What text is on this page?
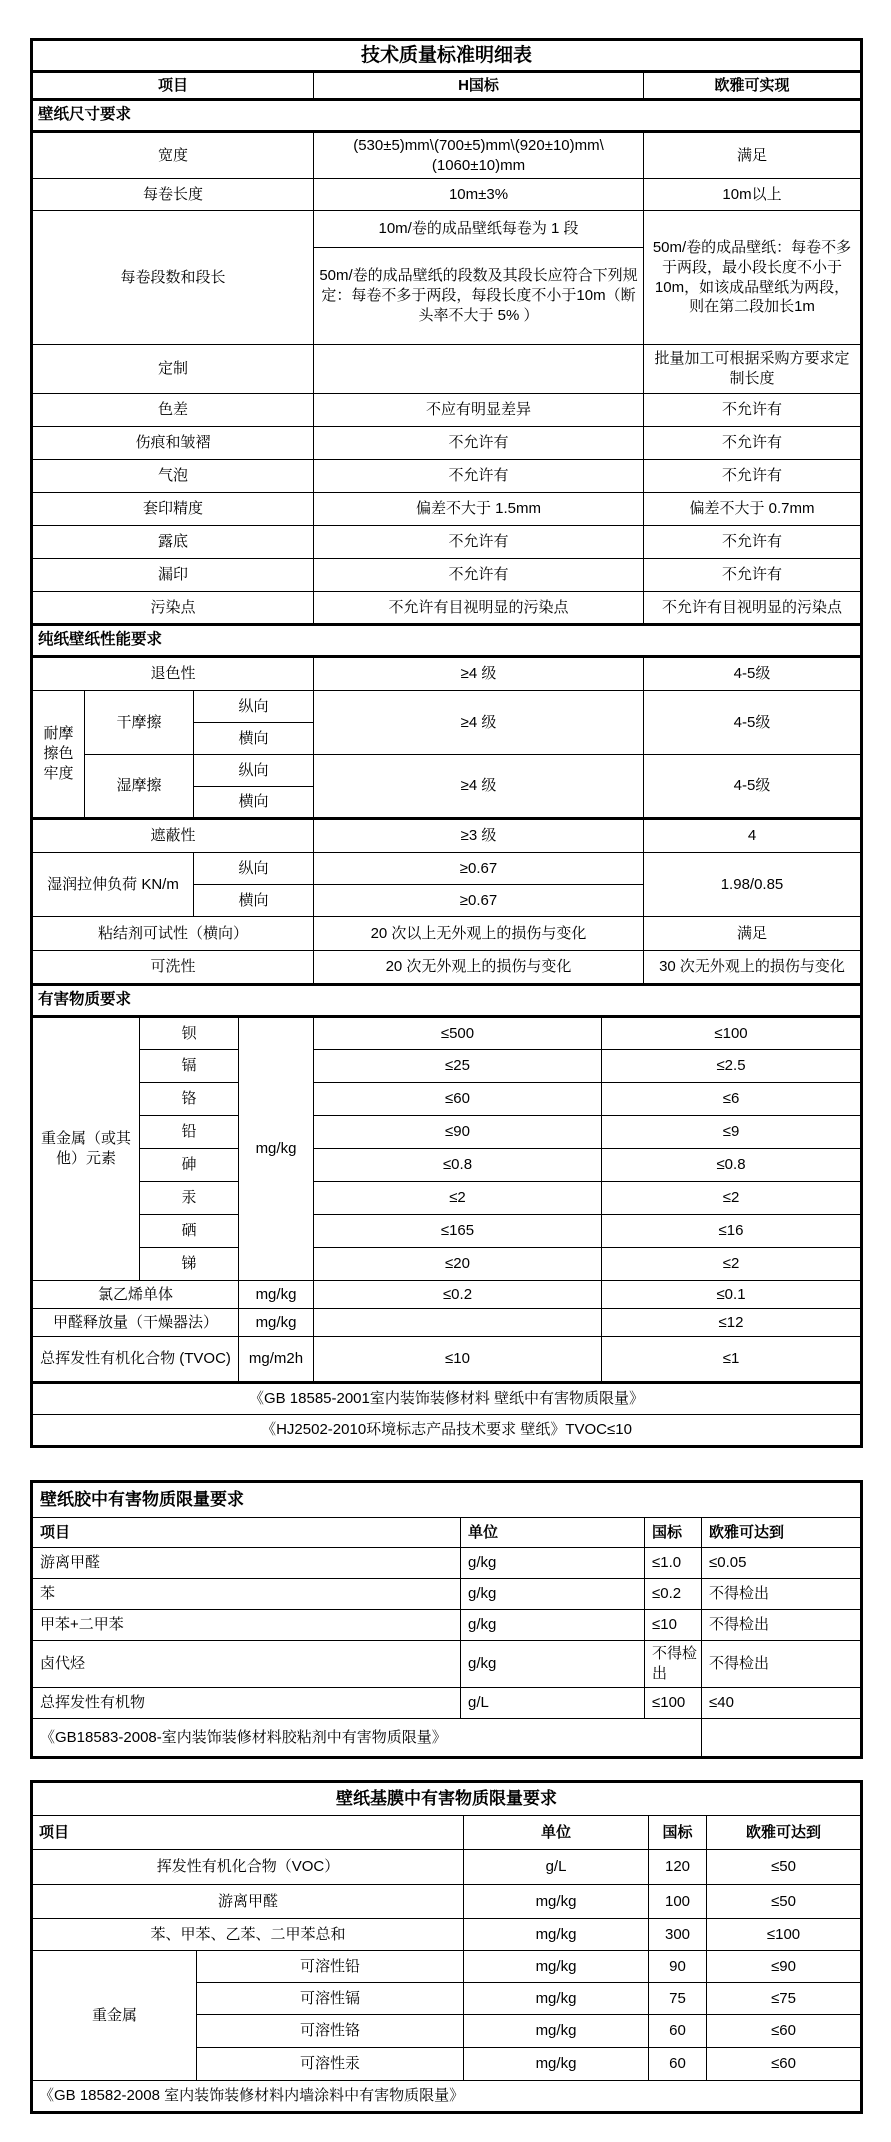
技术质量标准明细表							
项目					H国标		欧雅可实现
壁纸尺寸要求							
宽度					(530±5)mm\(700±5)mm\(920±10)mm\(1060±10)mm		满足
每卷长度					10m±3%		10m以上
每卷段数和段长					10m/卷的成品壁纸每卷为 1 段		50m/卷的成品壁纸：每卷不多于两段，最小段长度不小于10m，如该成品壁纸为两段，则在第二段加长1m
					50m/卷的成品壁纸的段数及其段长应符合下列规定：每卷不多于两段，每段长度不小于10m（断头率不大于 5% ）		
定制							批量加工可根据采购方要求定制长度
色差					不应有明显差异		不允许有
伤痕和皱褶					不允许有		不允许有
气泡					不允许有		不允许有
套印精度					偏差不大于 1.5mm		偏差不大于 0.7mm
露底					不允许有		不允许有
漏印					不允许有		不允许有
污染点					不允许有目视明显的污染点		不允许有目视明显的污染点
纯纸壁纸性能要求							
退色性					≥4 级		4-5级
耐摩擦色牢度	干摩擦		纵向		≥4 级		4-5级
			横向				
	湿摩擦		纵向		≥4 级		4-5级
			横向				
遮蔽性					≥3 级		4
湿润拉伸负荷 KN/m			纵向		≥0.67		1.98/0.85
			横向		≥0.67		
粘结剂可试性（横向）					20 次以上无外观上的损伤与变化		满足
可洗性					20 次无外观上的损伤与变化		30 次无外观上的损伤与变化
有害物质要求							
重金属（或其他）元素		钡		mg/kg	≤500	≤100	
		镉			≤25	≤2.5	
		铬			≤60	≤6	
		铅			≤90	≤9	
		砷			≤0.8	≤0.8	
		汞			≤2	≤2	
		硒			≤165	≤16	
		锑			≤20	≤2	
氯乙烯单体				mg/kg	≤0.2	≤0.1	
甲醛释放量（干燥器法）				mg/kg		≤12	
总挥发性有机化合物 (TVOC)				mg/m2h	≤10	≤1	
《GB 18585-2001室内装饰装修材料 壁纸中有害物质限量》							
《HJ2502-2010环境标志产品技术要求 壁纸》TVOC≤10							
壁纸胶中有害物质限量要求			
项目	单位	国标	欧雅可达到
游离甲醛	g/kg	≤1.0	≤0.05
苯	g/kg	≤0.2	不得检出
甲苯+二甲苯	g/kg	≤10	不得检出
卤代烃	g/kg	不得检出	不得检出
总挥发性有机物	g/L	≤100	≤40
《GB18583-2008-室内装饰装修材料胶粘剂中有害物质限量》			
壁纸基膜中有害物质限量要求				
项目		单位	国标	欧雅可达到
挥发性有机化合物（VOC）		g/L	120	≤50
游离甲醛		mg/kg	100	≤50
苯、甲苯、乙苯、二甲苯总和		mg/kg	300	≤100
重金属	可溶性铅	mg/kg	90	≤90
	可溶性镉	mg/kg	75	≤75
	可溶性铬	mg/kg	60	≤60
	可溶性汞	mg/kg	60	≤60
《GB 18582-2008 室内装饰装修材料内墙涂料中有害物质限量》				
